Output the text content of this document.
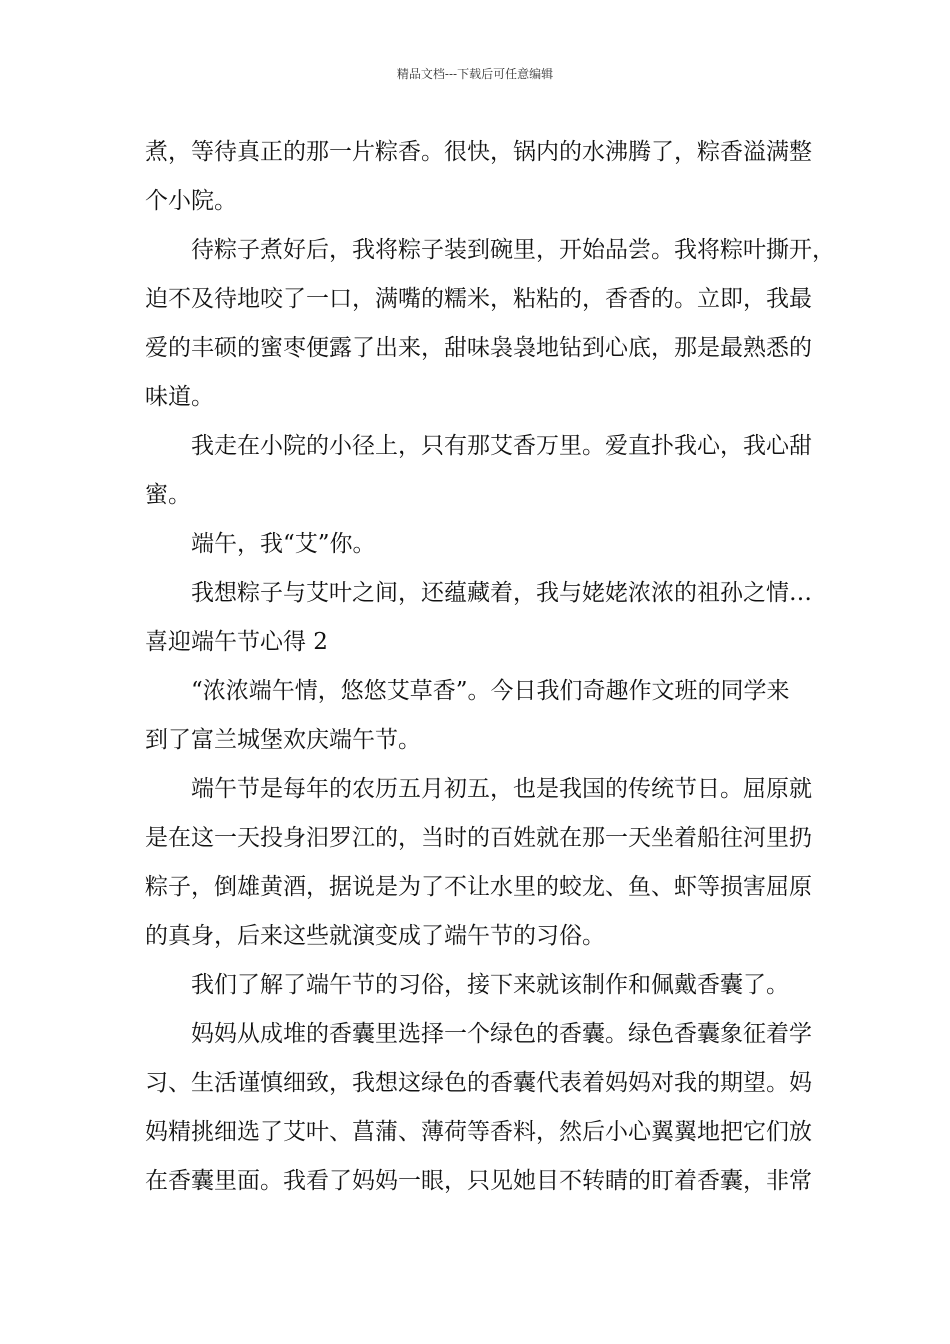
精品文档---下载后可任意编辑
煮，等待真正的那一片粽香。很快，锅内的水沸腾了，粽香溢满整
个小院。
待粽子煮好后，我将粽子装到碗里，开始品尝。我将粽叶撕开，
迫不及待地咬了一口，满嘴的糯米，粘粘的，香香的。立即，我最
爱的丰硕的蜜枣便露了出来，甜味袅袅地钻到心底，那是最熟悉的
味道。
我走在小院的小径上，只有那艾香万里。爱直扑我心，我心甜
蜜。
端午，我“艾”你。
我想粽子与艾叶之间，还蕴藏着，我与姥姥浓浓的祖孙之情…
喜迎端午节心得 2
“浓浓端午情，悠悠艾草香”。今日我们奇趣作文班的同学来
到了富兰城堡欢庆端午节。
端午节是每年的农历五月初五，也是我国的传统节日。屈原就
是在这一天投身汨罗江的，当时的百姓就在那一天坐着船往河里扔
粽子，倒雄黄酒，据说是为了不让水里的蛟龙、鱼、虾等损害屈原
的真身，后来这些就演变成了端午节的习俗。
我们了解了端午节的习俗，接下来就该制作和佩戴香囊了。
妈妈从成堆的香囊里选择一个绿色的香囊。绿色香囊象征着学
习、生活谨慎细致，我想这绿色的香囊代表着妈妈对我的期望。妈
妈精挑细选了艾叶、菖蒲、薄荷等香料，然后小心翼翼地把它们放
在香囊里面。我看了妈妈一眼，只见她目不转睛的盯着香囊，非常
